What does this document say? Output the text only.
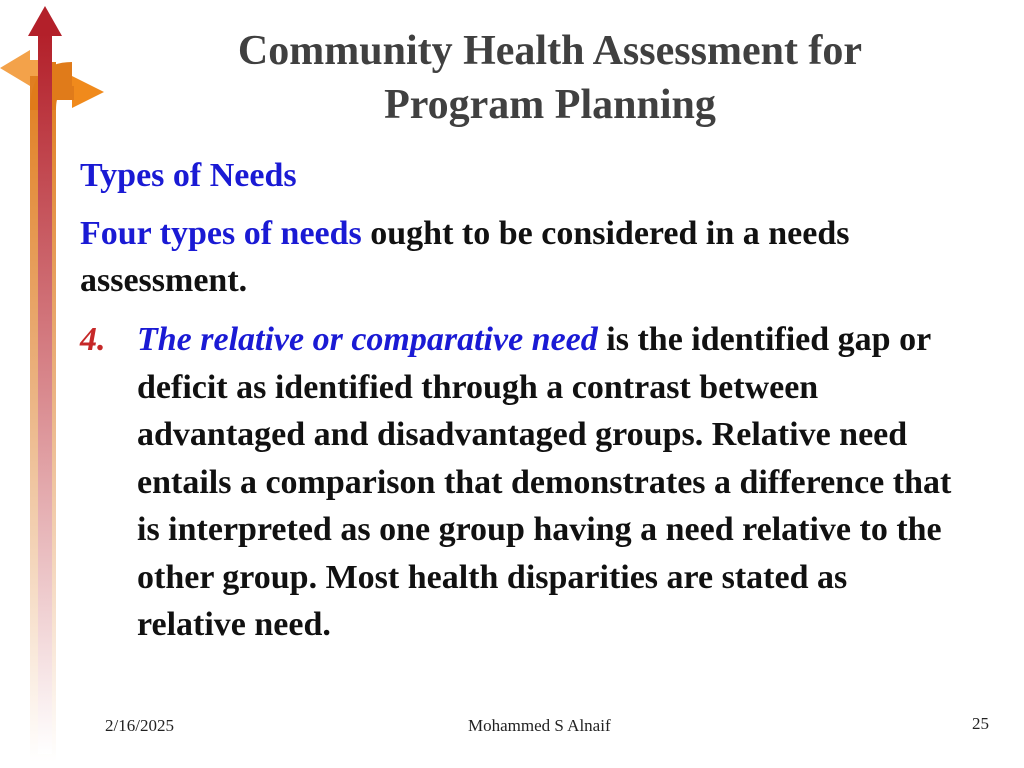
Community Health Assessment for
Program Planning
Types of Needs
Four types of needs ought to be considered in a needs assessment.
4. The relative or comparative need is the identified gap or deficit as identified through a contrast between advantaged and disadvantaged groups. Relative need entails a comparison that demonstrates a difference that is interpreted as one group having a need relative to the other group. Most health disparities are stated as relative need.
2/16/2025	Mohammed S Alnaif	25
